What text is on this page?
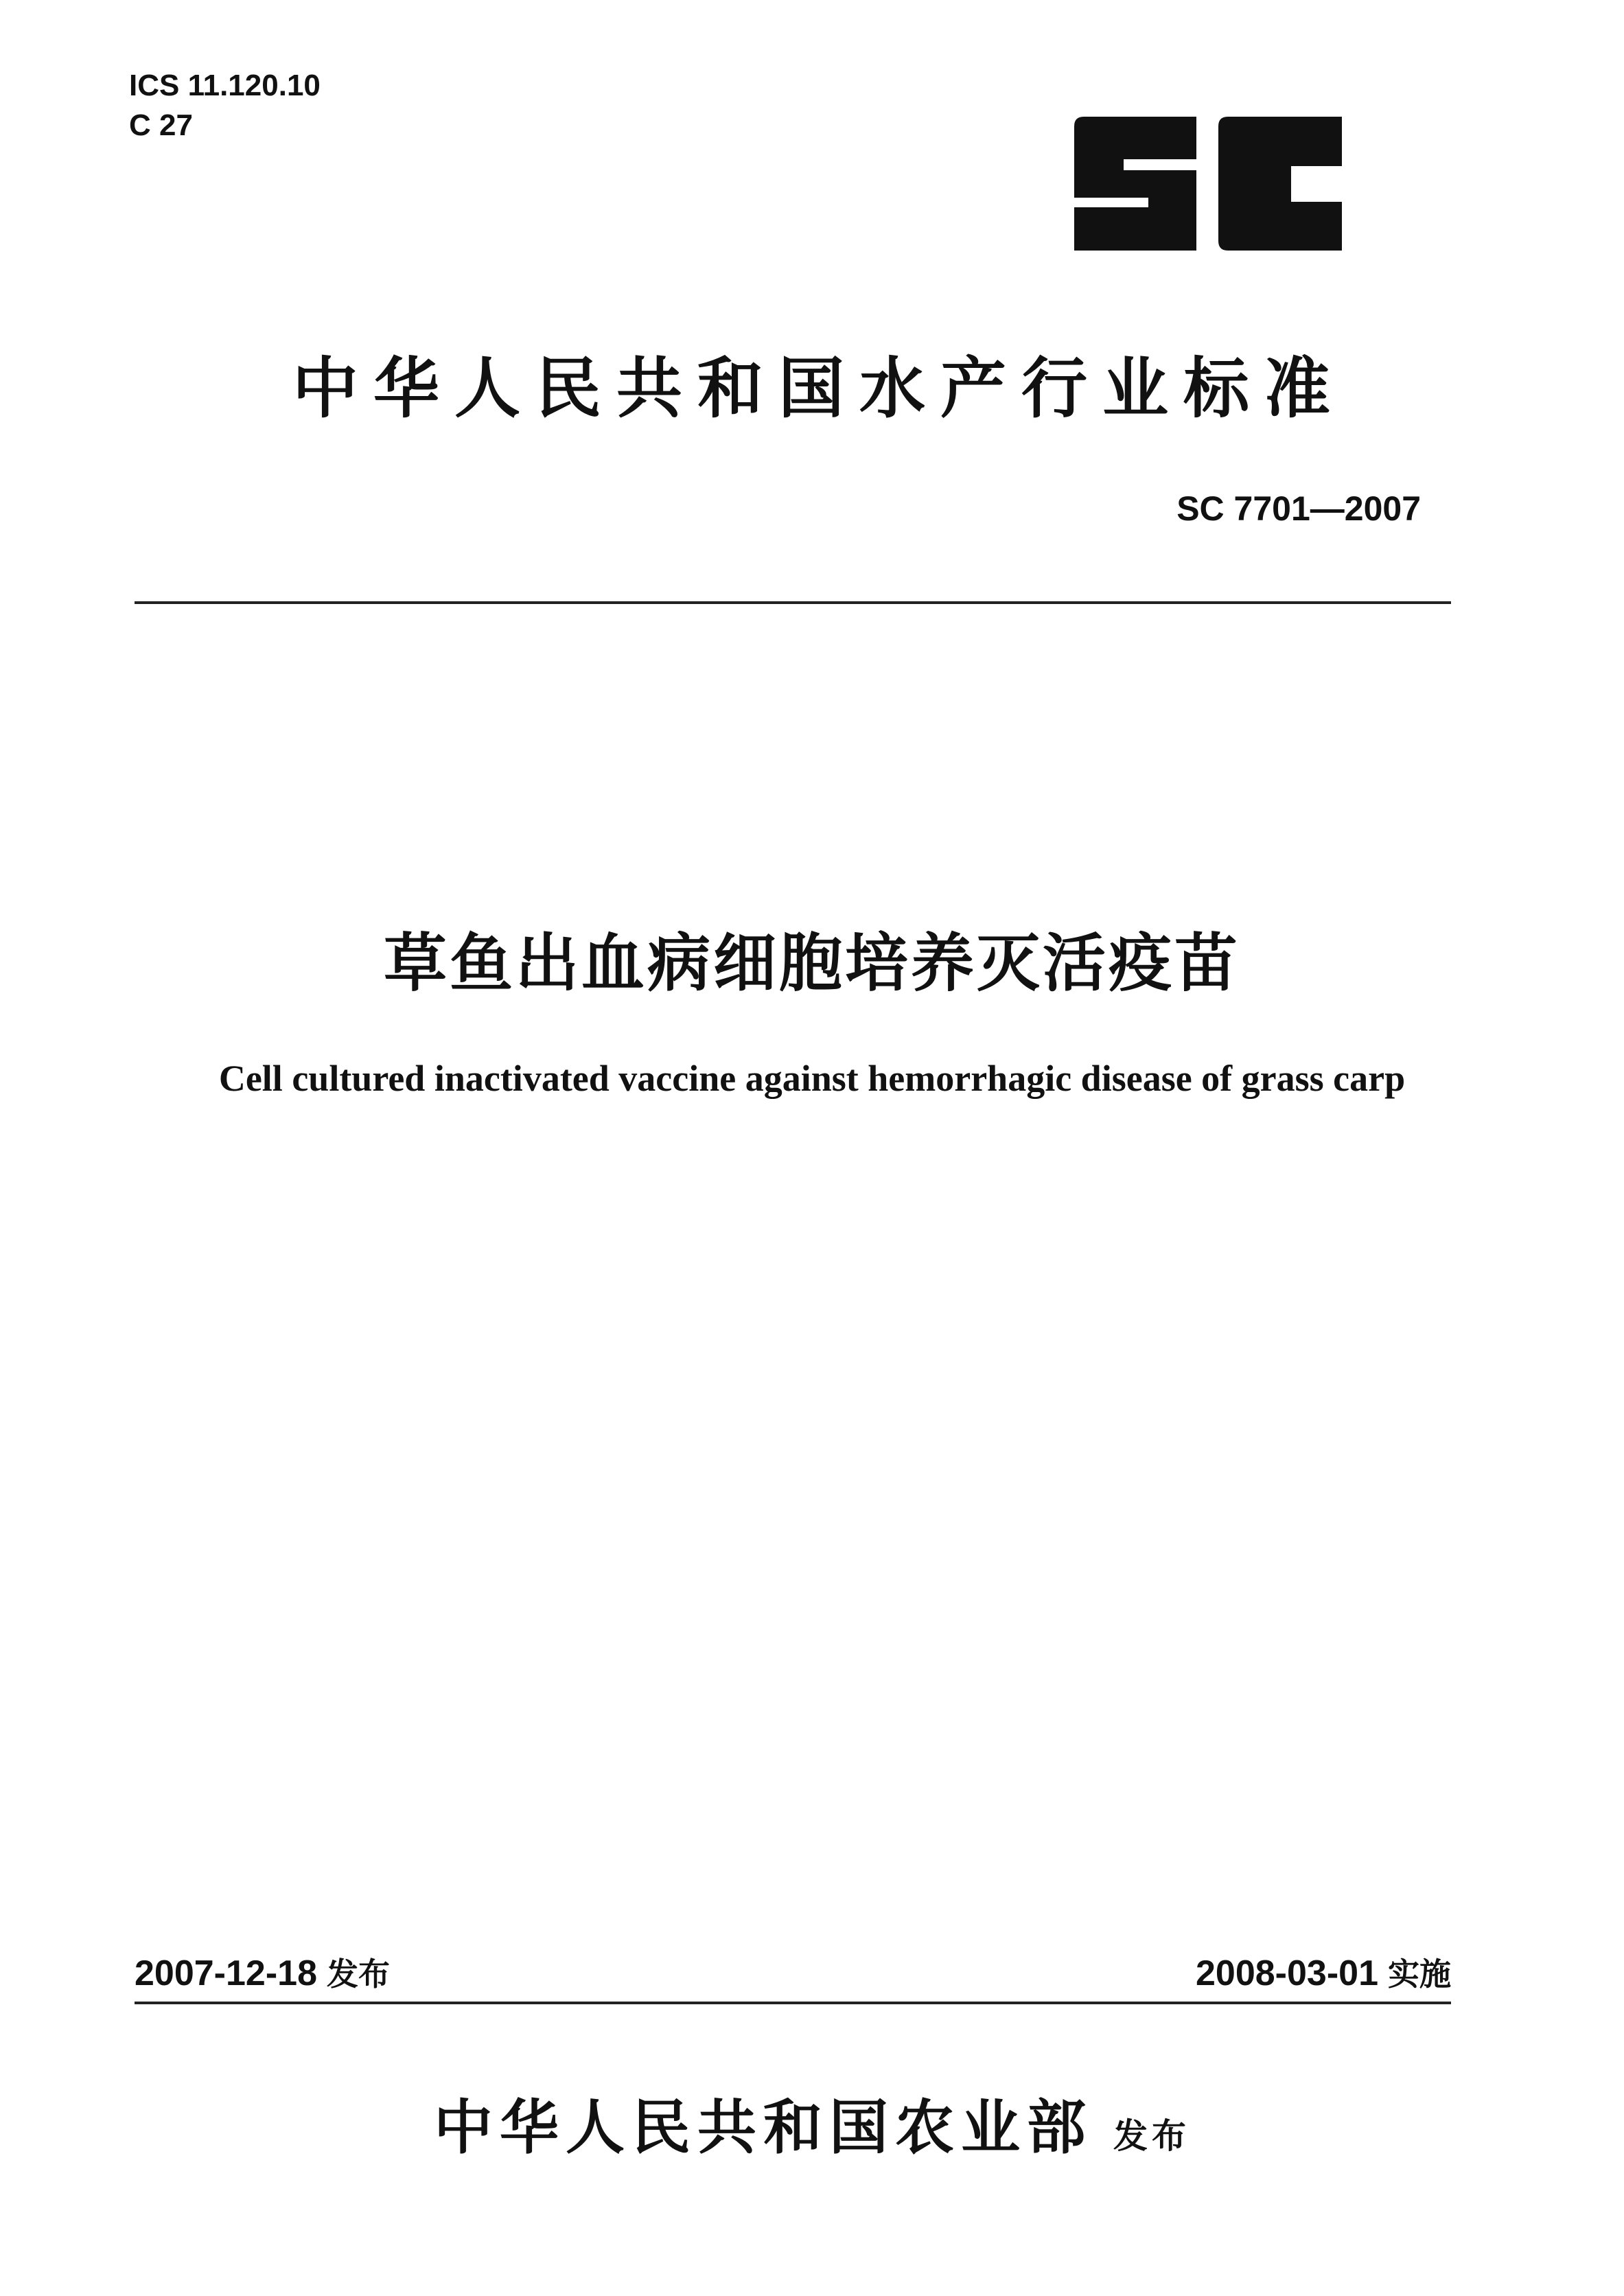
ICS 11.120.10
C 27
中华人民共和国水产行业标准
SC 7701—2007
草鱼出血病细胞培养灭活疫苗
Cell cultured inactivated vaccine against hemorrhagic disease of grass carp
2007-12-18 发布	2008-03-01 实施
中华人民共和国农业部 发布
